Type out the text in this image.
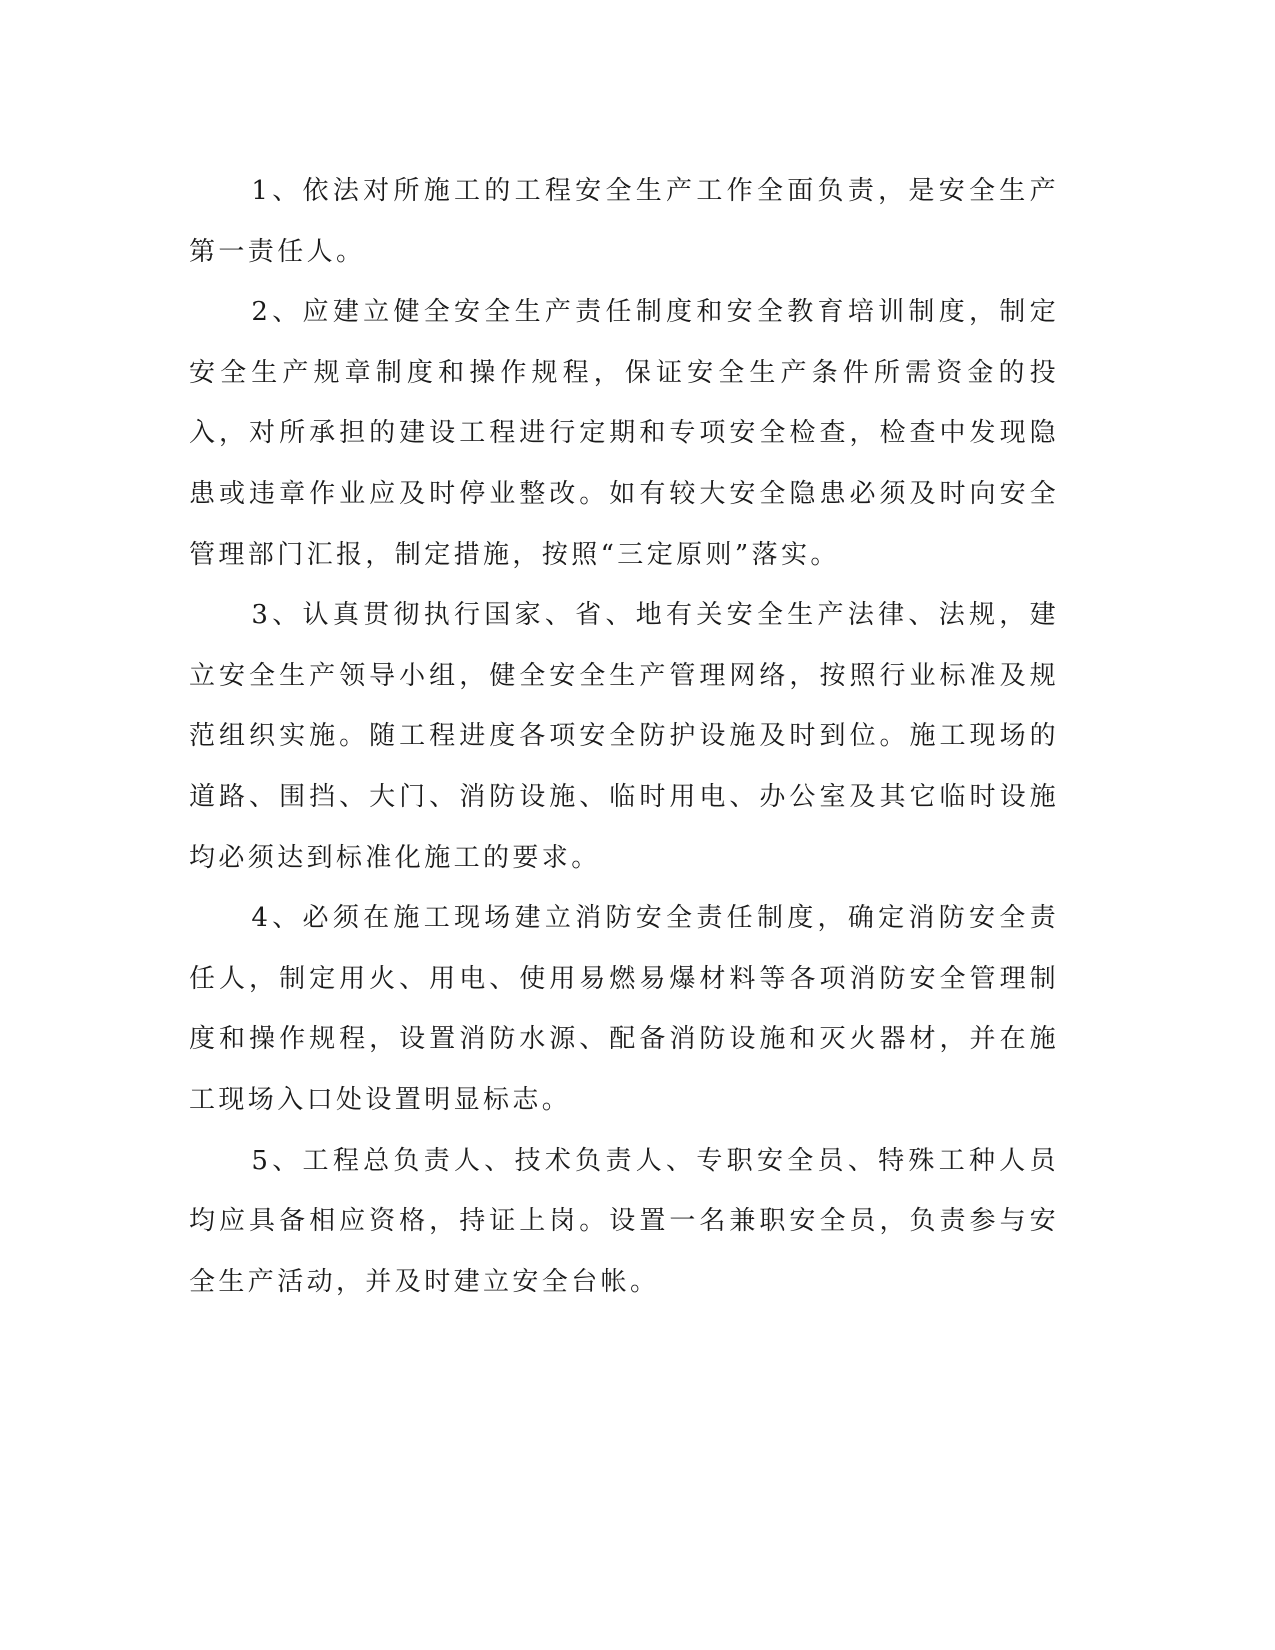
1、依法对所施工的工程安全生产工作全面负责，是安全生产第一责任人。

2、应建立健全安全生产责任制度和安全教育培训制度，制定安全生产规章制度和操作规程，保证安全生产条件所需资金的投入，对所承担的建设工程进行定期和专项安全检查，检查中发现隐患或违章作业应及时停业整改。如有较大安全隐患必须及时向安全管理部门汇报，制定措施，按照“三定原则”落实。

3、认真贯彻执行国家、省、地有关安全生产法律、法规，建立安全生产领导小组，健全安全生产管理网络，按照行业标准及规范组织实施。随工程进度各项安全防护设施及时到位。施工现场的道路、围挡、大门、消防设施、临时用电、办公室及其它临时设施均必须达到标准化施工的要求。

4、必须在施工现场建立消防安全责任制度，确定消防安全责任人，制定用火、用电、使用易燃易爆材料等各项消防安全管理制度和操作规程，设置消防水源、配备消防设施和灭火器材，并在施工现场入口处设置明显标志。

5、工程总负责人、技术负责人、专职安全员、特殊工种人员均应具备相应资格，持证上岗。设置一名兼职安全员，负责参与安全生产活动，并及时建立安全台帐。
